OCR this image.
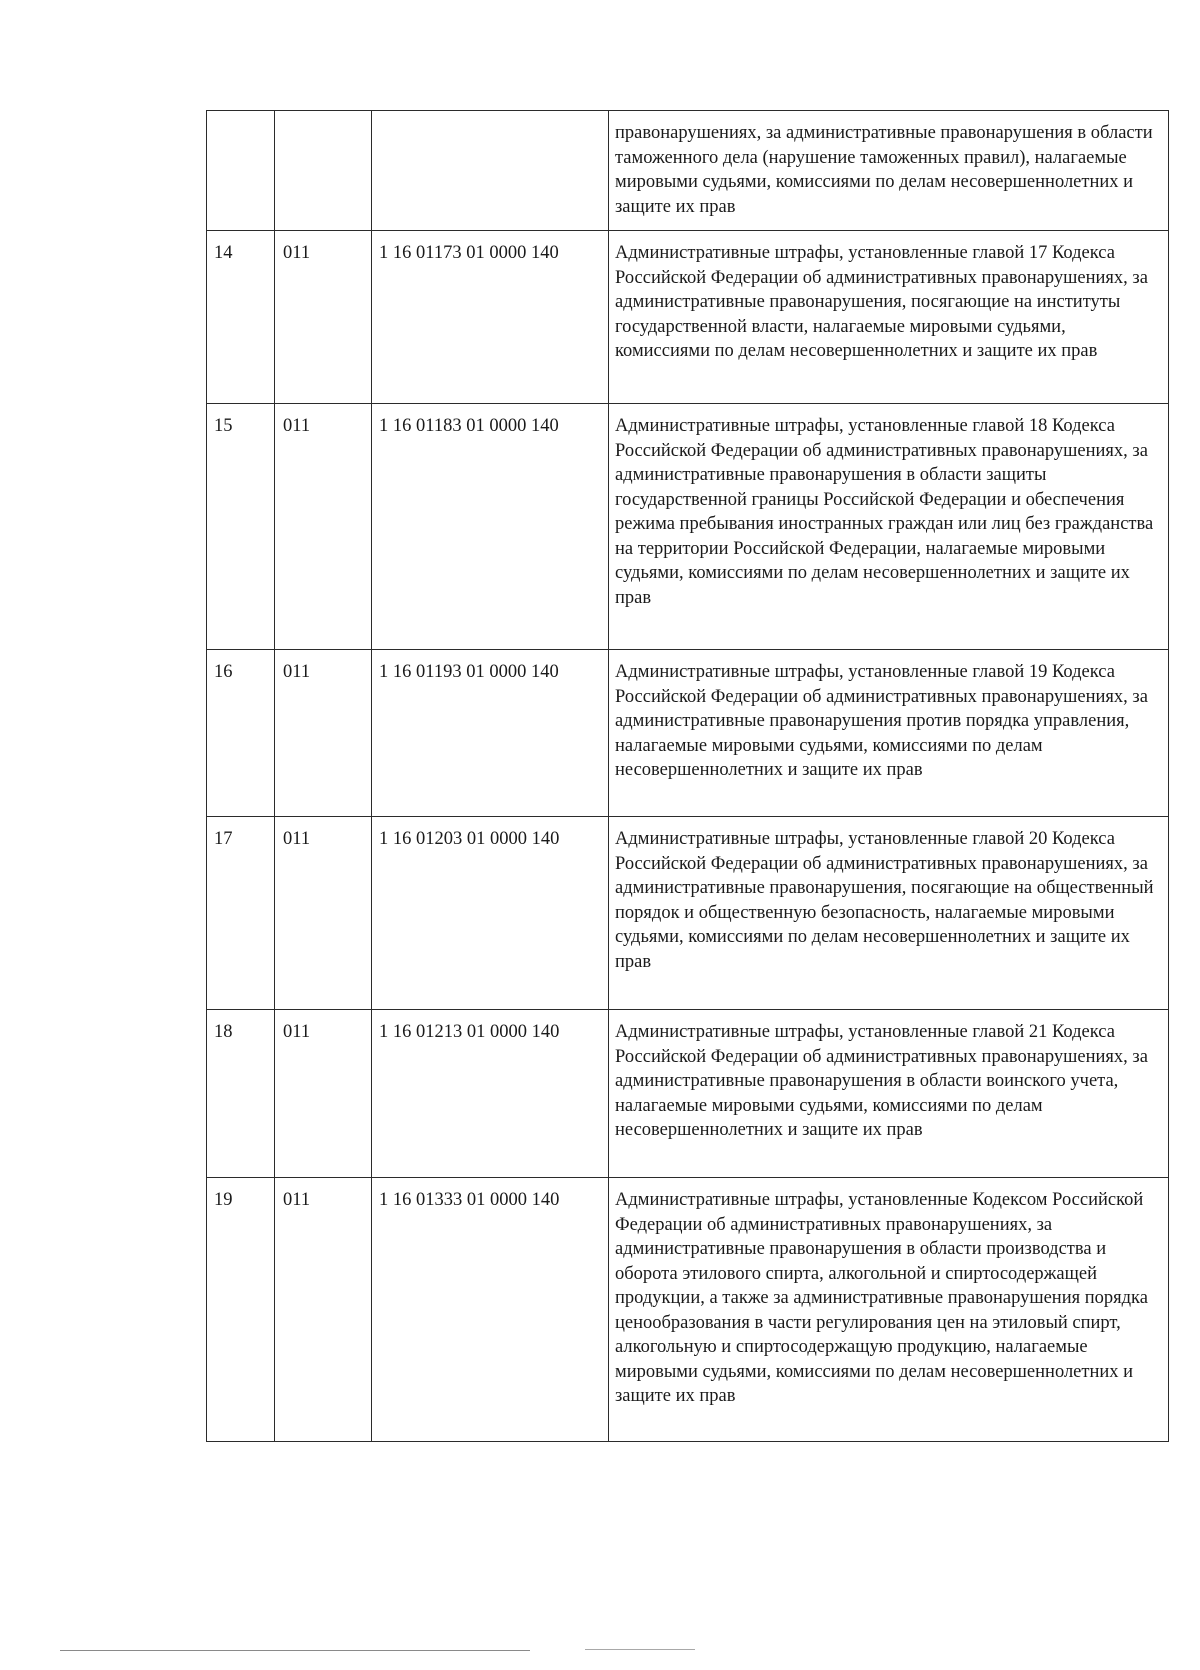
			правонарушениях, за административные правонарушения в области таможенного дела (нарушение таможенных правил), налагаемые мировыми судьями, комиссиями по делам несовершеннолетних и защите их прав
14	011	1 16 01173 01 0000 140	Административные штрафы, установленные главой 17 Кодекса Российской Федерации об административных правонарушениях, за административные правонарушения, посягающие на институты государственной власти, налагаемые мировыми судьями, комиссиями по делам несовершеннолетних и защите их прав
15	011	1 16 01183 01 0000 140	Административные штрафы, установленные главой 18 Кодекса Российской Федерации об административных правонарушениях, за административные правонарушения в области защиты государственной границы Российской Федерации и обеспечения режима пребывания иностранных граждан или лиц без гражданства на территории Российской Федерации, налагаемые мировыми судьями, комиссиями по делам несовершеннолетних и защите их прав
16	011	1 16 01193 01 0000 140	Административные штрафы, установленные главой 19 Кодекса Российской Федерации об административных правонарушениях, за административные правонарушения против порядка управления, налагаемые мировыми судьями, комиссиями по делам несовершеннолетних и защите их прав
17	011	1 16 01203 01 0000 140	Административные штрафы, установленные главой 20 Кодекса Российской Федерации об административных правонарушениях, за административные правонарушения, посягающие на общественный порядок и общественную безопасность, налагаемые мировыми судьями, комиссиями по делам несовершеннолетних и защите их прав
18	011	1 16 01213 01 0000 140	Административные штрафы, установленные главой 21 Кодекса Российской Федерации об административных правонарушениях, за административные правонарушения в области воинского учета, налагаемые мировыми судьями, комиссиями по делам несовершеннолетних и защите их прав
19	011	1 16 01333 01 0000 140	Административные штрафы, установленные Кодексом Российской Федерации об административных правонарушениях, за административные правонарушения в области производства и оборота этилового спирта, алкогольной и спиртосодержащей продукции, а также за административные правонарушения порядка ценообразования в части регулирования цен на этиловый спирт, алкогольную и спиртосодержащую продукцию, налагаемые мировыми судьями, комиссиями по делам несовершеннолетних и защите их прав
